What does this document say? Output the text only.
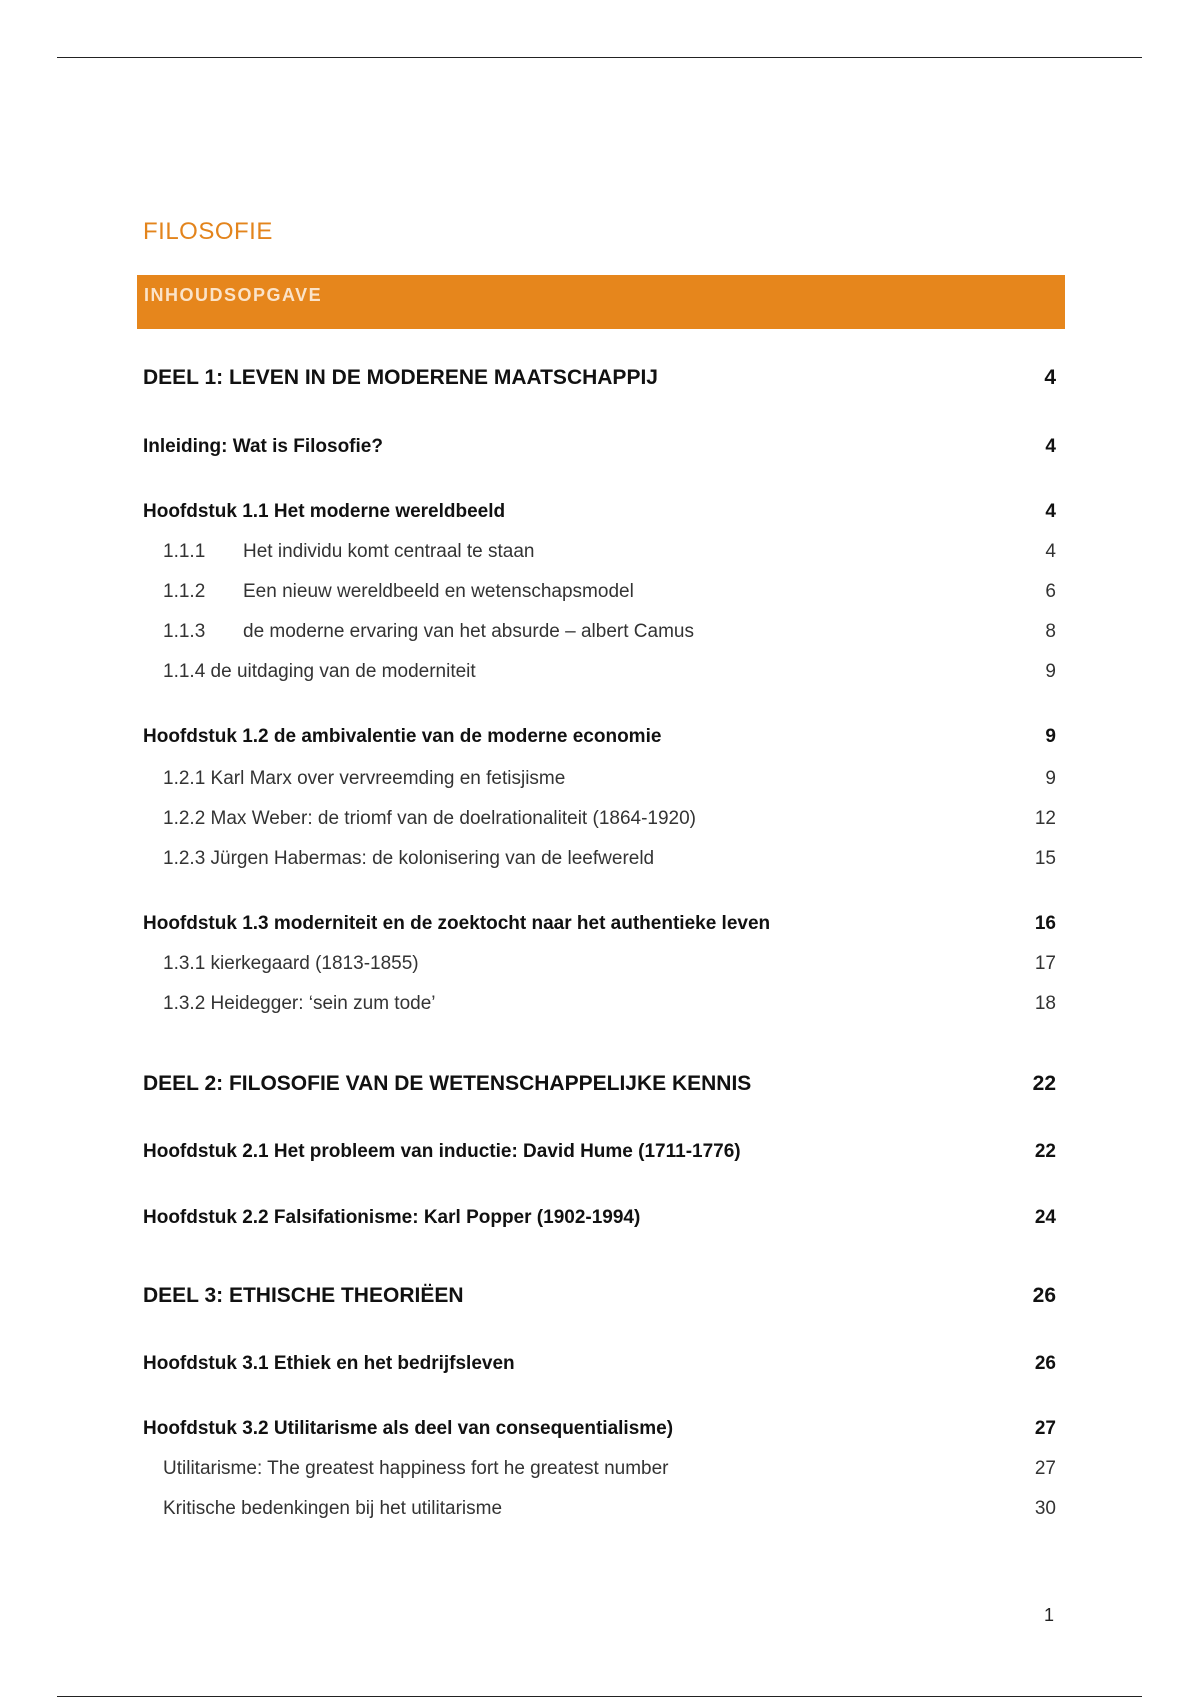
FILOSOFIE
INHOUDSOPGAVE
DEEL 1: LEVEN IN DE MODERENE MAATSCHAPPIJ	4
Inleiding: Wat is Filosofie?	4
Hoofdstuk 1.1 Het moderne wereldbeeld	4
1.1.1 Het individu komt centraal te staan	4
1.1.2 Een nieuw wereldbeeld en wetenschapsmodel	6
1.1.3 de moderne ervaring van het absurde – albert Camus	8
1.1.4 de uitdaging van de moderniteit	9
Hoofdstuk 1.2 de ambivalentie van de moderne economie	9
1.2.1 Karl Marx over vervreemding en fetisjisme	9
1.2.2 Max Weber: de triomf van de doelrationaliteit (1864-1920)	12
1.2.3 Jürgen Habermas: de kolonisering van de leefwereld	15
Hoofdstuk 1.3 moderniteit en de zoektocht naar het authentieke leven	16
1.3.1 kierkegaard (1813-1855)	17
1.3.2 Heidegger: ‘sein zum tode’	18
DEEL 2: FILOSOFIE VAN DE WETENSCHAPPELIJKE KENNIS	22
Hoofdstuk 2.1 Het probleem van inductie: David Hume (1711-1776)	22
Hoofdstuk 2.2 Falsifationisme: Karl Popper (1902-1994)	24
DEEL 3: ETHISCHE THEORIËEN	26
Hoofdstuk 3.1 Ethiek en het bedrijfsleven	26
Hoofdstuk 3.2 Utilitarisme als deel van consequentialisme)	27
Utilitarisme: The greatest happiness fort he greatest number	27
Kritische bedenkingen bij het utilitarisme	30
1
